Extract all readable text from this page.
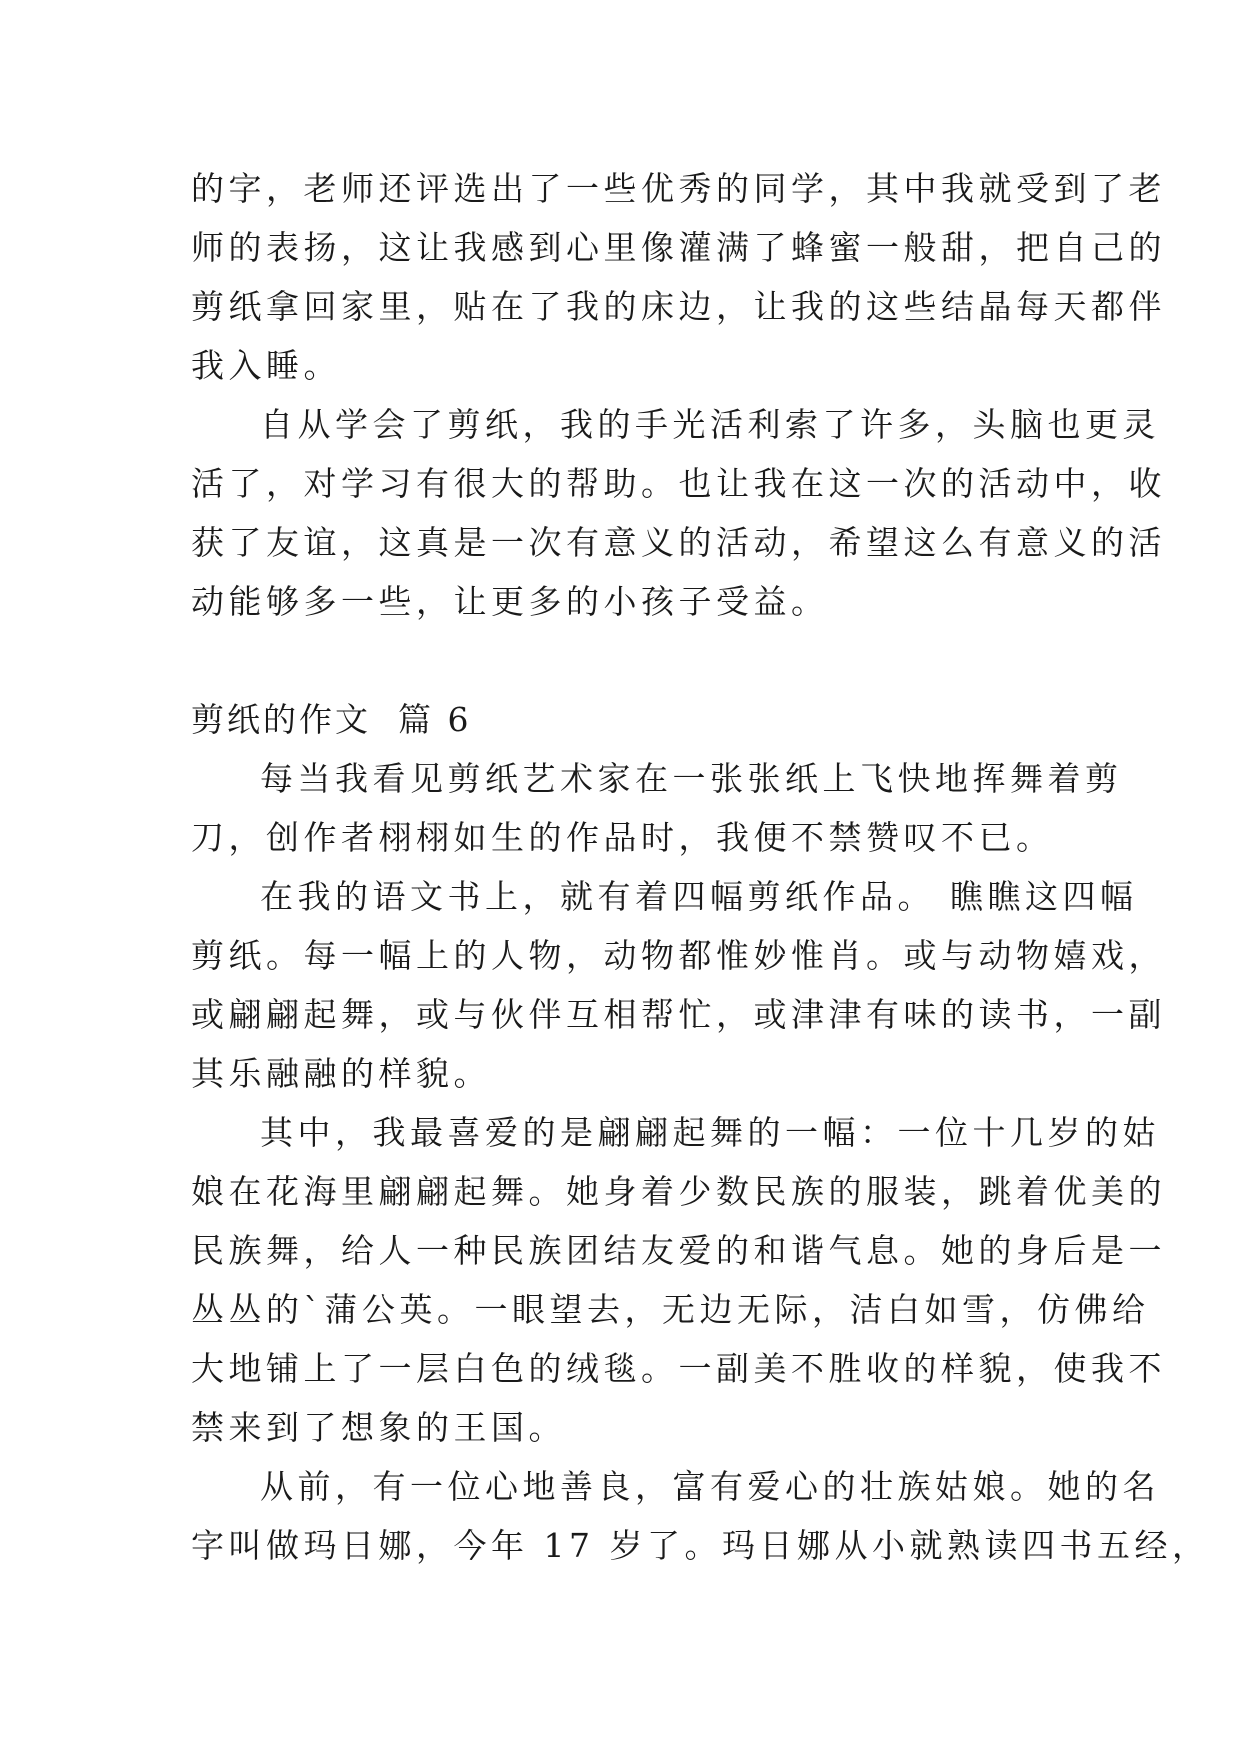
的字，老师还评选出了一些优秀的同学，其中我就受到了老
师的表扬，这让我感到心里像灌满了蜂蜜一般甜，把自己的
剪纸拿回家里，贴在了我的床边，让我的这些结晶每天都伴
我入睡。

自从学会了剪纸，我的手光活利索了许多，头脑也更灵
活了，对学习有很大的帮助。也让我在这一次的活动中，收
获了友谊，这真是一次有意义的活动，希望这么有意义的活
动能够多一些，让更多的小孩子受益。

剪纸的作文  篇 6

每当我看见剪纸艺术家在一张张纸上飞快地挥舞着剪
刀，创作者栩栩如生的作品时，我便不禁赞叹不已。

在我的语文书上，就有着四幅剪纸作品。 瞧瞧这四幅
剪纸。每一幅上的人物，动物都惟妙惟肖。或与动物嬉戏，
或翩翩起舞，或与伙伴互相帮忙，或津津有味的读书，一副
其乐融融的样貌。

其中，我最喜爱的是翩翩起舞的一幅：一位十几岁的姑
娘在花海里翩翩起舞。她身着少数民族的服装，跳着优美的
民族舞，给人一种民族团结友爱的和谐气息。她的身后是一
丛丛的`蒲公英。一眼望去，无边无际，洁白如雪，仿佛给
大地铺上了一层白色的绒毯。一副美不胜收的样貌，使我不
禁来到了想象的王国。

从前，有一位心地善良，富有爱心的壮族姑娘。她的名
字叫做玛日娜，今年 17 岁了。玛日娜从小就熟读四书五经，
